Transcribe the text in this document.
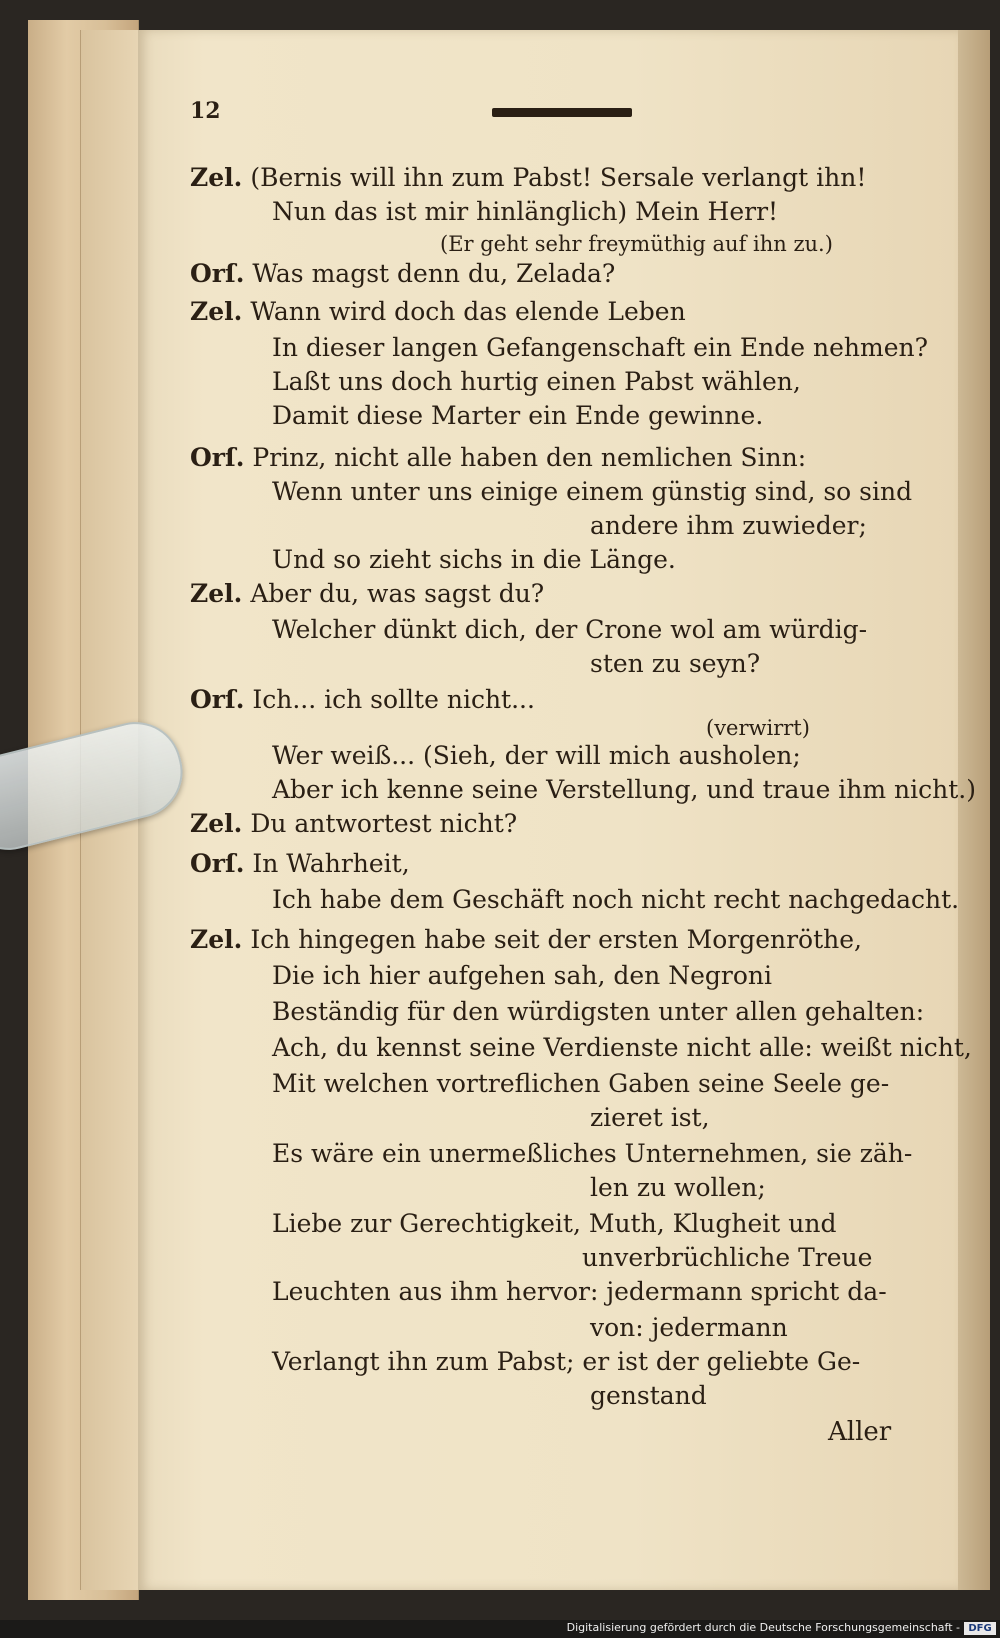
12
Zel. (Bernis will ihn zum Pabst! Sersale verlangt ihn!
Nun das ist mir hinlänglich) Mein Herr!
(Er geht sehr freymüthig auf ihn zu.)
Orſ. Was magst denn du, Zelada?
Zel. Wann wird doch das elende Leben
In dieser langen Gefangenschaft ein Ende nehmen?
Laßt uns doch hurtig einen Pabst wählen,
Damit diese Marter ein Ende gewinne.
Orſ. Prinz, nicht alle haben den nemlichen Sinn:
Wenn unter uns einige einem günstig sind, so sind
andere ihm zuwieder;
Und so zieht sichs in die Länge.
Zel. Aber du, was sagst du?
Welcher dünkt dich, der Crone wol am würdig-
sten zu seyn?
Orſ. Ich... ich sollte nicht...
(verwirrt)
Wer weiß... (Sieh, der will mich ausholen;
Aber ich kenne seine Verstellung, und traue ihm nicht.)
Zel. Du antwortest nicht?
Orſ. In Wahrheit,
Ich habe dem Geschäft noch nicht recht nachgedacht.
Zel. Ich hingegen habe seit der ersten Morgenröthe,
Die ich hier aufgehen sah, den Negroni
Beständig für den würdigsten unter allen gehalten:
Ach, du kennst seine Verdienste nicht alle: weißt nicht,
Mit welchen vortreflichen Gaben seine Seele ge-
zieret ist,
Es wäre ein unermeßliches Unternehmen, sie zäh-
len zu wollen;
Liebe zur Gerechtigkeit, Muth, Klugheit und
unverbrüchliche Treue
Leuchten aus ihm hervor: jedermann spricht da-
von: jedermann
Verlangt ihn zum Pabst; er ist der geliebte Ge-
genstand
Aller
Digitalisierung gefördert durch die Deutsche Forschungsgemeinschaft - DFG
